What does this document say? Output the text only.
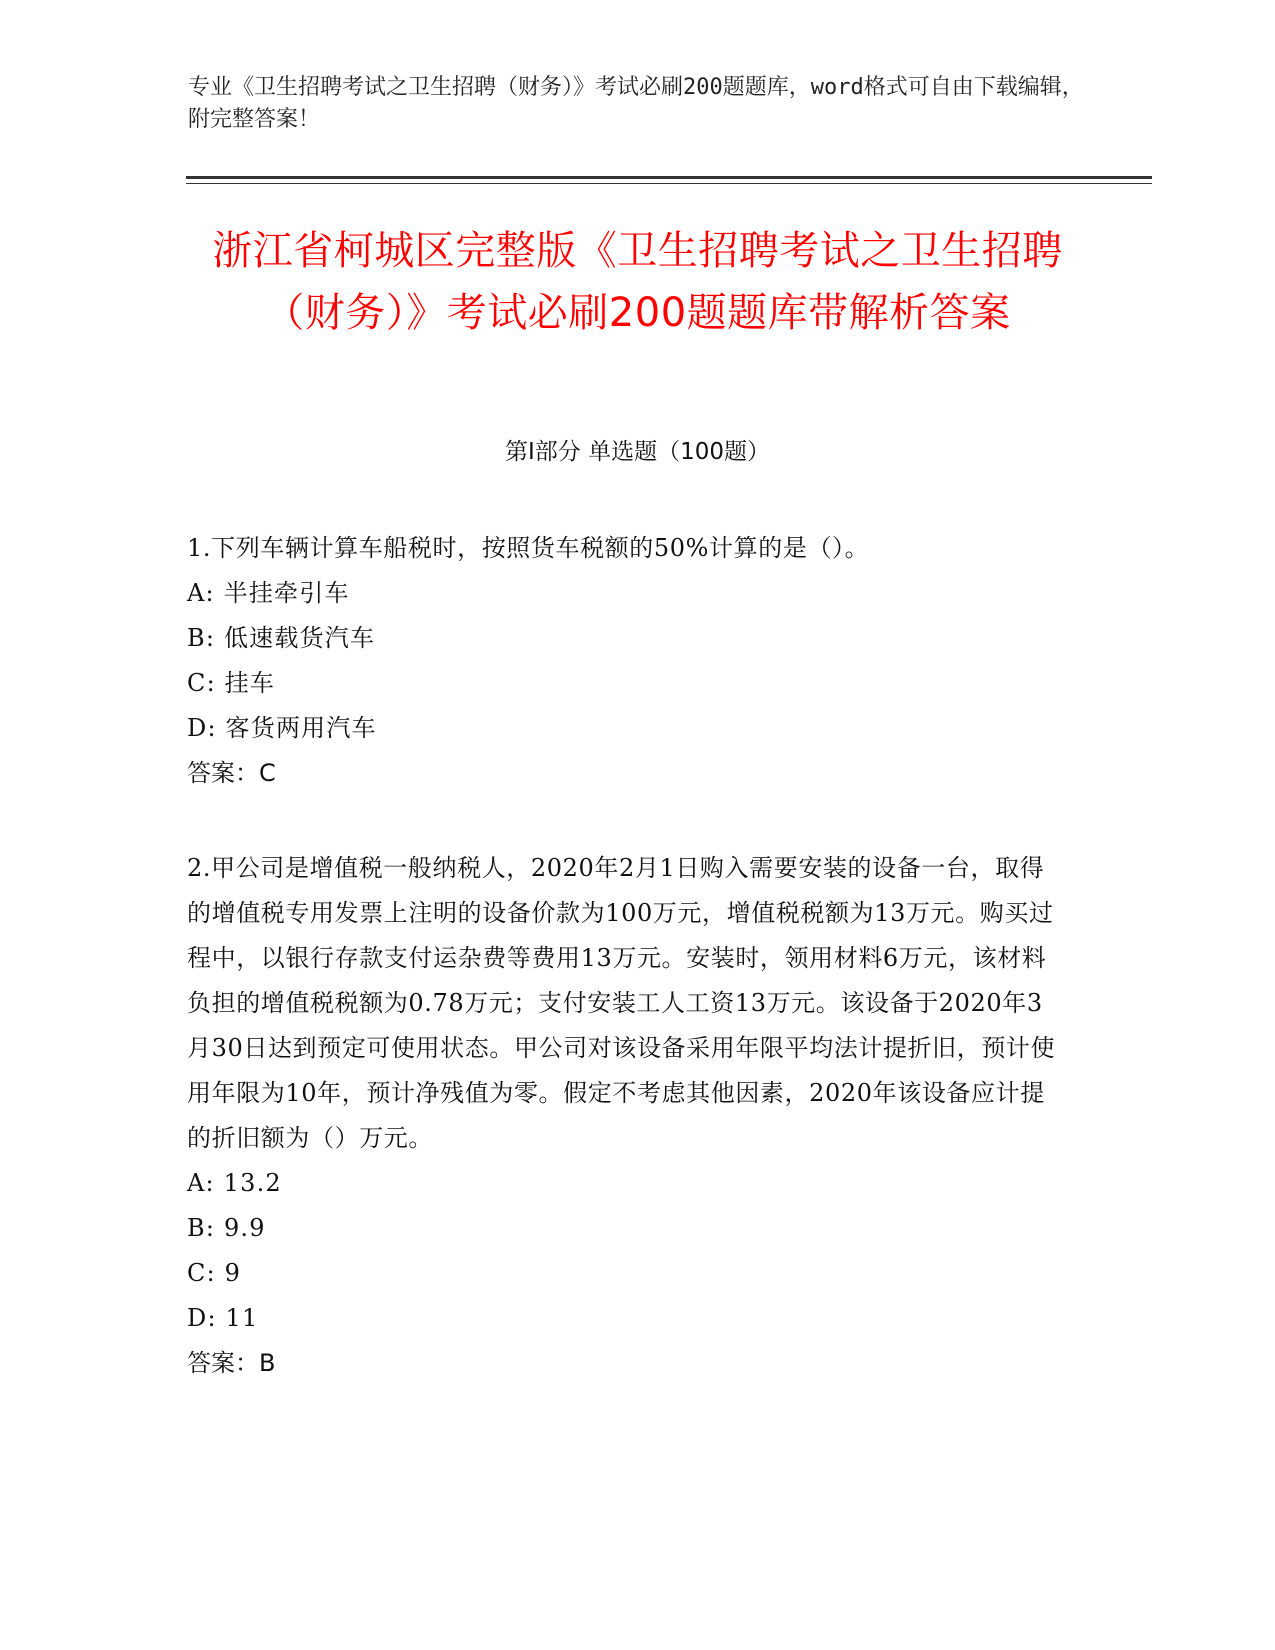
专业《卫生招聘考试之卫生招聘（财务）》考试必刷200题题库，word格式可自由下载编辑，附完整答案！
浙江省柯城区完整版《卫生招聘考试之卫生招聘（财务）》考试必刷200题题库带解析答案
第I部分 单选题（100题）
1.下列车辆计算车船税时，按照货车税额的50%计算的是（）。
A: 半挂牵引车
B: 低速载货汽车
C: 挂车
D: 客货两用汽车
答案：C
2.甲公司是增值税一般纳税人，2020年2月1日购入需要安装的设备一台，取得的增值税专用发票上注明的设备价款为100万元，增值税税额为13万元。购买过程中，以银行存款支付运杂费等费用13万元。安装时，领用材料6万元，该材料负担的增值税税额为0.78万元；支付安装工人工资13万元。该设备于2020年3月30日达到预定可使用状态。甲公司对该设备采用年限平均法计提折旧，预计使用年限为10年，预计净残值为零。假定不考虑其他因素，2020年该设备应计提的折旧额为（）万元。
A: 13.2
B: 9.9
C: 9
D: 11
答案：B
